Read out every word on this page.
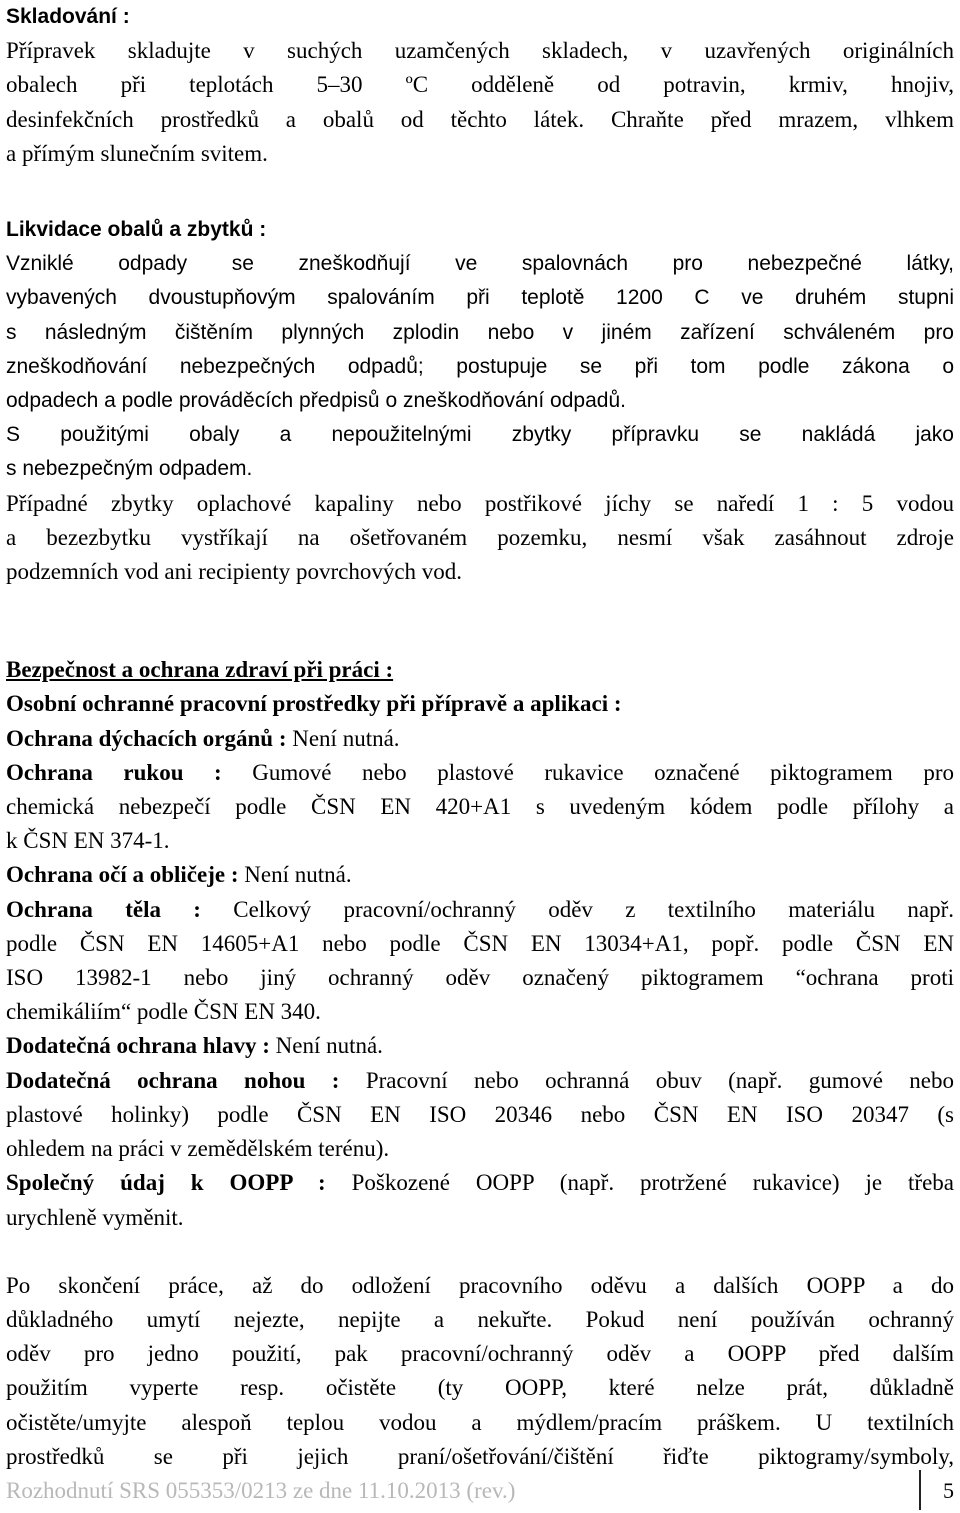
Skladování :
Přípravek skladujte v suchých uzamčených skladech, v uzavřených originálních
obalech při teplotách 5–30 ºC odděleně od potravin, krmiv, hnojiv,
desinfekčních prostředků a obalů od těchto látek. Chraňte před mrazem, vlhkem
a přímým slunečním svitem.

Likvidace obalů a zbytků :
Vzniklé odpady se zneškodňují ve spalovnách pro nebezpečné látky,
vybavených dvoustupňovým spalováním při teplotě 1200 C ve druhém stupni
s následným čištěním plynných zplodin nebo v jiném zařízení schváleném pro
zneškodňování nebezpečných odpadů; postupuje se při tom podle zákona o
odpadech a podle prováděcích předpisů o zneškodňování odpadů.
S použitými obaly a nepoužitelnými zbytky přípravku se nakládá jako
s nebezpečným odpadem.

Případné zbytky oplachové kapaliny nebo postřikové jíchy se naředí 1 : 5 vodou
a bezezbytku vystříkají na ošetřovaném pozemku, nesmí však zasáhnout zdroje
podzemních vod ani recipienty povrchových vod.

Bezpečnost a ochrana zdraví při práci :
Osobní ochranné pracovní prostředky při přípravě a aplikaci :
Ochrana dýchacích orgánů : Není nutná.
Ochrana rukou : Gumové nebo plastové rukavice označené piktogramem pro
chemická nebezpečí podle ČSN EN 420+A1 s uvedeným kódem podle přílohy a
k ČSN EN 374-1.
Ochrana očí a obličeje : Není nutná.
Ochrana těla : Celkový pracovní/ochranný oděv z textilního materiálu např.
podle ČSN EN 14605+A1 nebo podle ČSN EN 13034+A1, popř. podle ČSN EN
ISO 13982-1 nebo jiný ochranný oděv označený piktogramem “ochrana proti
chemikáliím“ podle ČSN EN 340.
Dodatečná ochrana hlavy : Není nutná.
Dodatečná ochrana nohou : Pracovní nebo ochranná obuv (např. gumové nebo
plastové holinky) podle ČSN EN ISO 20346 nebo ČSN EN ISO 20347 (s
ohledem na práci v zemědělském terénu).
Společný údaj k OOPP : Poškozené OOPP (např. protržené rukavice) je třeba
urychleně vyměnit.

Po skončení práce, až do odložení pracovního oděvu a dalších OOPP a do
důkladného umytí nejezte, nepijte a nekuřte. Pokud není používán ochranný
oděv pro jedno použití, pak pracovní/ochranný oděv a OOPP před dalším
použitím vyperte resp. očistěte (ty OOPP, které nelze prát, důkladně
očistěte/umyjte alespoň teplou vodou a mýdlem/pracím práškem. U textilních
prostředků se při jejich praní/ošetřování/čištění řiďte piktogramy/symboly,

Rozhodnutí SRS 055353/0213 ze dne 11.10.2013 (rev.)	5
